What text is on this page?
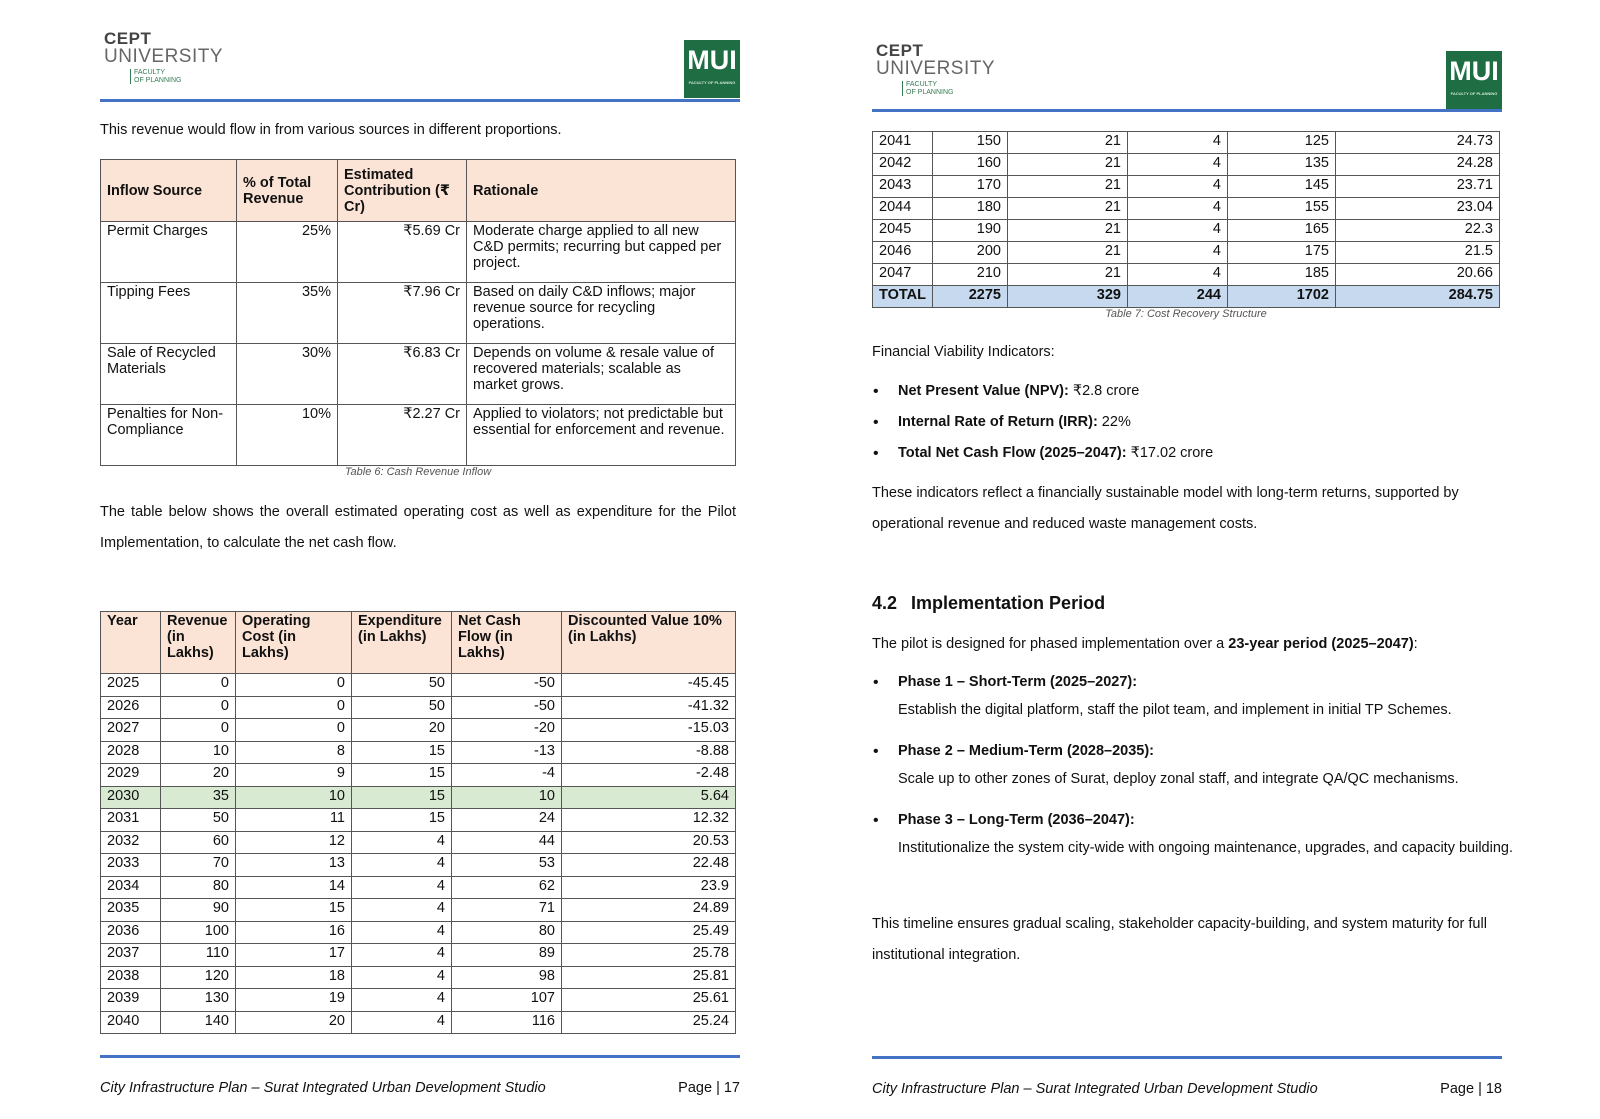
CEPT
UNIVERSITY
FACULTY
OF PLANNING
MUI
FACULTY OF PLANNING

This revenue would flow in from various sources in different proportions.

Inflow Source	% of Total Revenue	Estimated Contribution (₹ Cr)	Rationale
Permit Charges	25%	₹5.69 Cr	Moderate charge applied to all new C&D permits; recurring but capped per project.
Tipping Fees	35%	₹7.96 Cr	Based on daily C&D inflows; major revenue source for recycling operations.
Sale of Recycled Materials	30%	₹6.83 Cr	Depends on volume & resale value of recovered materials; scalable as market grows.
Penalties for Non-Compliance	10%	₹2.27 Cr	Applied to violators; not predictable but essential for enforcement and revenue.
Table 6: Cash Revenue Inflow

The table below shows the overall estimated operating cost as well as expenditure for the Pilot Implementation, to calculate the net cash flow.

Year	Revenue (in Lakhs)	Operating Cost (in Lakhs)	Expenditure (in Lakhs)	Net Cash Flow (in Lakhs)	Discounted Value 10% (in Lakhs)
2025	0	0	50	-50	-45.45
2026	0	0	50	-50	-41.32
2027	0	0	20	-20	-15.03
2028	10	8	15	-13	-8.88
2029	20	9	15	-4	-2.48
2030	35	10	15	10	5.64
2031	50	11	15	24	12.32
2032	60	12	4	44	20.53
2033	70	13	4	53	22.48
2034	80	14	4	62	23.9
2035	90	15	4	71	24.89
2036	100	16	4	80	25.49
2037	110	17	4	89	25.78
2038	120	18	4	98	25.81
2039	130	19	4	107	25.61
2040	140	20	4	116	25.24
City Infrastructure Plan – Surat Integrated Urban Development Studio	Page | 17
CEPT
UNIVERSITY
FACULTY
OF PLANNING
MUI
FACULTY OF PLANNING
2041	150	21	4	125	24.73
2042	160	21	4	135	24.28
2043	170	21	4	145	23.71
2044	180	21	4	155	23.04
2045	190	21	4	165	22.3
2046	200	21	4	175	21.5
2047	210	21	4	185	20.66
TOTAL	2275	329	244	1702	284.75
Table 7: Cost Recovery Structure

Financial Viability Indicators:

• Net Present Value (NPV): ₹2.8 crore
• Internal Rate of Return (IRR): 22%
• Total Net Cash Flow (2025–2047): ₹17.02 crore

These indicators reflect a financially sustainable model with long-term returns, supported by operational revenue and reduced waste management costs.

4.2 Implementation Period

The pilot is designed for phased implementation over a 23-year period (2025–2047):

• Phase 1 – Short-Term (2025–2027):
Establish the digital platform, staff the pilot team, and implement in initial TP Schemes.
• Phase 2 – Medium-Term (2028–2035):
Scale up to other zones of Surat, deploy zonal staff, and integrate QA/QC mechanisms.
• Phase 3 – Long-Term (2036–2047):
Institutionalize the system city-wide with ongoing maintenance, upgrades, and capacity building.

This timeline ensures gradual scaling, stakeholder capacity-building, and system maturity for full institutional integration.

City Infrastructure Plan – Surat Integrated Urban Development Studio	Page | 18
